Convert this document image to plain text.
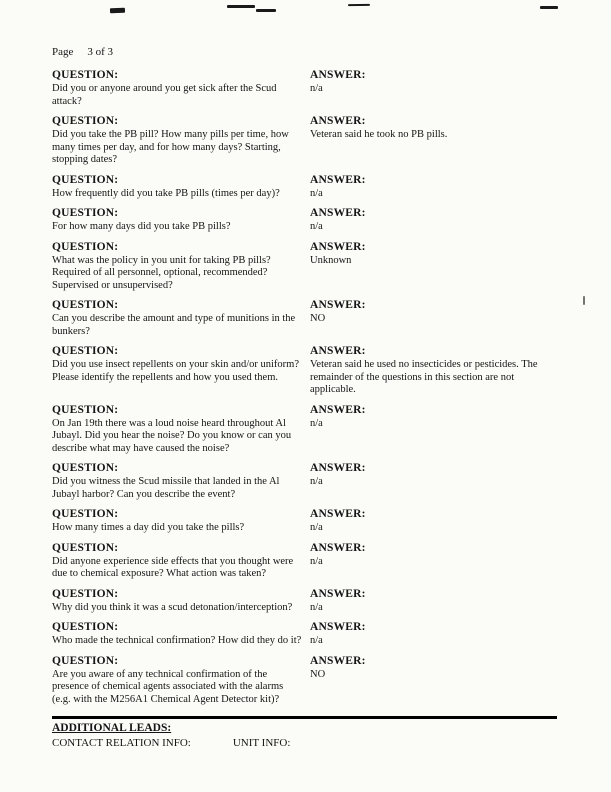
Page 3 of 3
QUESTION:
Did you or anyone around you get sick after the Scud attack?
ANSWER:
n/a
QUESTION:
Did you take the PB pill? How many pills per time, how many times per day, and for how many days? Starting, stopping dates?
ANSWER:
Veteran said he took no PB pills.
QUESTION:
How frequently did you take PB pills (times per day)?
ANSWER:
n/a
QUESTION:
For how many days did you take PB pills?
ANSWER:
n/a
QUESTION:
What was the policy in you unit for taking PB pills? Required of all personnel, optional, recommended? Supervised or unsupervised?
ANSWER:
Unknown
QUESTION:
Can you describe the amount and type of munitions in the bunkers?
ANSWER:
NO
QUESTION:
Did you use insect repellents on your skin and/or uniform? Please identify the repellents and how you used them.
ANSWER:
Veteran said he used no insecticides or pesticides. The remainder of the questions in this section are not applicable.
QUESTION:
On Jan 19th there was a loud noise heard throughout Al Jubayl. Did you hear the noise? Do you know or can you describe what may have caused the noise?
ANSWER:
n/a
QUESTION:
Did you witness the Scud missile that landed in the Al Jubayl harbor? Can you describe the event?
ANSWER:
n/a
QUESTION:
How many times a day did you take the pills?
ANSWER:
n/a
QUESTION:
Did anyone experience side effects that you thought were due to chemical exposure? What action was taken?
ANSWER:
n/a
QUESTION:
Why did you think it was a scud detonation/interception?
ANSWER:
n/a
QUESTION:
Who made the technical confirmation? How did they do it?
ANSWER:
n/a
QUESTION:
Are you aware of any technical confirmation of the presence of chemical agents associated with the alarms (e.g. with the M256A1 Chemical Agent Detector kit)?
ANSWER:
NO
ADDITIONAL LEADS:
CONTACT RELATION INFO:	UNIT INFO:
